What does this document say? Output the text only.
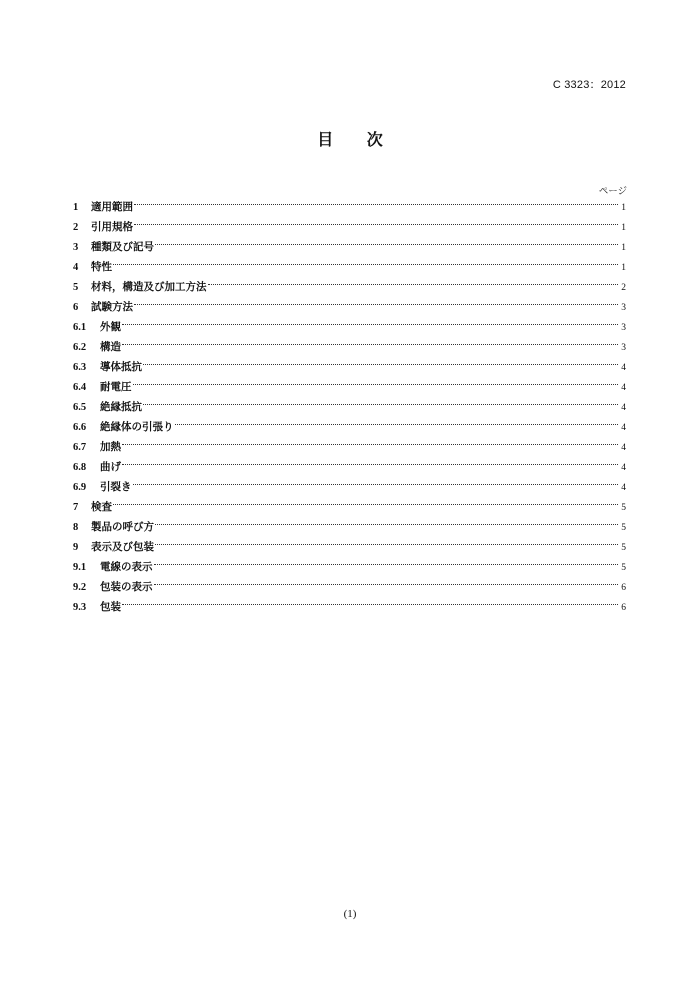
C 3323：2012
目 次
ページ
1	適用範囲	1
2	引用規格	1
3	種類及び記号	1
4	特性	1
5	材料，構造及び加工方法	2
6	試験方法	3
6.1	外観	3
6.2	構造	3
6.3	導体抵抗	4
6.4	耐電圧	4
6.5	絶縁抵抗	4
6.6	絶縁体の引張り	4
6.7	加熱	4
6.8	曲げ	4
6.9	引裂き	4
7	検査	5
8	製品の呼び方	5
9	表示及び包装	5
9.1	電線の表示	5
9.2	包装の表示	6
9.3	包装	6
(1)
